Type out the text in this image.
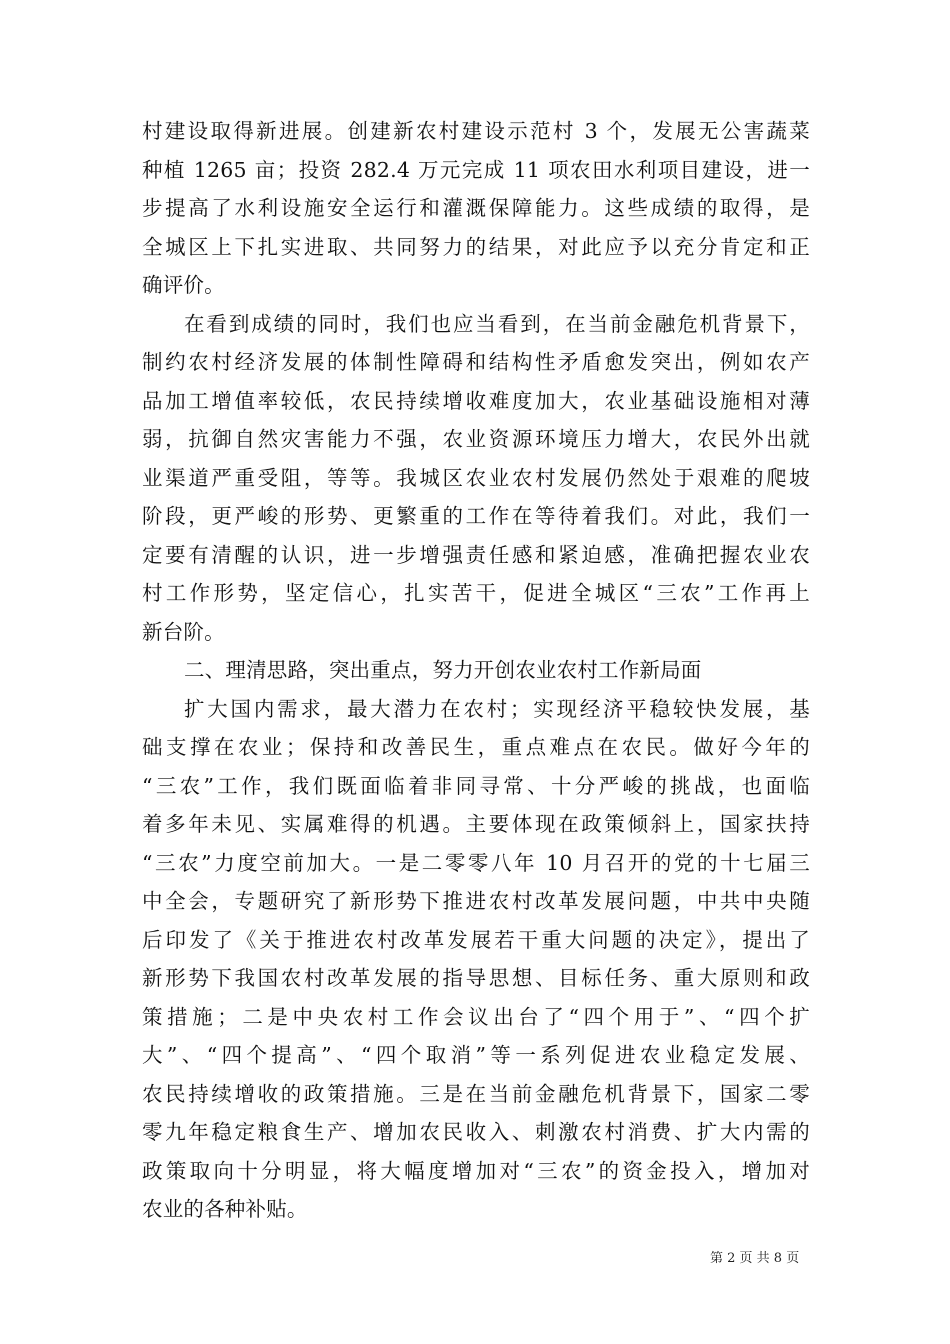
村建设取得新进展。创建新农村建设示范村 3 个，发展无公害蔬菜
种植 1265 亩；投资 282.4 万元完成 11 项农田水利项目建设，进一
步提高了水利设施安全运行和灌溉保障能力。这些成绩的取得，是
全城区上下扎实进取、共同努力的结果，对此应予以充分肯定和正
确评价。
在看到成绩的同时，我们也应当看到，在当前金融危机背景下，
制约农村经济发展的体制性障碍和结构性矛盾愈发突出，例如农产
品加工增值率较低，农民持续增收难度加大，农业基础设施相对薄
弱，抗御自然灾害能力不强，农业资源环境压力增大，农民外出就
业渠道严重受阻，等等。我城区农业农村发展仍然处于艰难的爬坡
阶段，更严峻的形势、更繁重的工作在等待着我们。对此，我们一
定要有清醒的认识，进一步增强责任感和紧迫感，准确把握农业农
村工作形势，坚定信心，扎实苦干，促进全城区“三农”工作再上
新台阶。
二、理清思路，突出重点，努力开创农业农村工作新局面
扩大国内需求，最大潜力在农村；实现经济平稳较快发展，基
础支撑在农业；保持和改善民生，重点难点在农民。做好今年的
“三农”工作，我们既面临着非同寻常、十分严峻的挑战，也面临
着多年未见、实属难得的机遇。主要体现在政策倾斜上，国家扶持
“三农”力度空前加大。一是二零零八年 10 月召开的党的十七届三
中全会，专题研究了新形势下推进农村改革发展问题，中共中央随
后印发了《关于推进农村改革发展若干重大问题的决定》，提出了
新形势下我国农村改革发展的指导思想、目标任务、重大原则和政
策措施；二是中央农村工作会议出台了“四个用于”、“四个扩
大”、“四个提高”、“四个取消”等一系列促进农业稳定发展、
农民持续增收的政策措施。三是在当前金融危机背景下，国家二零
零九年稳定粮食生产、增加农民收入、刺激农村消费、扩大内需的
政策取向十分明显，将大幅度增加对“三农”的资金投入，增加对
农业的各种补贴。
第 2 页 共 8 页
